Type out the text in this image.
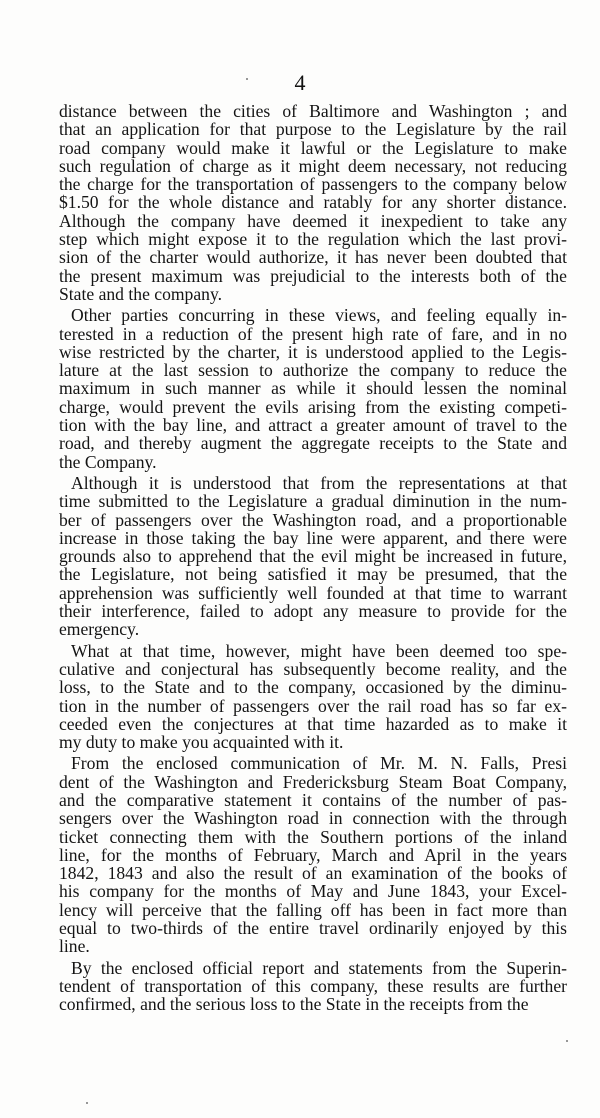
4
distance between the cities of Baltimore and Washington ; and
that an application for that purpose to the Legislature by the rail
road company would make it lawful or the Legislature to make
such regulation of charge as it might deem necessary, not reducing
the charge for the transportation of passengers to the company below
$1.50 for the whole distance and ratably for any shorter distance.
Although the company have deemed it inexpedient to take any
step which might expose it to the regulation which the last provi-
sion of the charter would authorize, it has never been doubted that
the present maximum was prejudicial to the interests both of the
State and the company.
Other parties concurring in these views, and feeling equally in-
terested in a reduction of the present high rate of fare, and in no
wise restricted by the charter, it is understood applied to the Legis-
lature at the last session to authorize the company to reduce the
maximum in such manner as while it should lessen the nominal
charge, would prevent the evils arising from the existing competi-
tion with the bay line, and attract a greater amount of travel to the
road, and thereby augment the aggregate receipts to the State and
the Company.
Although it is understood that from the representations at that
time submitted to the Legislature a gradual diminution in the num-
ber of passengers over the Washington road, and a proportionable
increase in those taking the bay line were apparent, and there were
grounds also to apprehend that the evil might be increased in future,
the Legislature, not being satisfied it may be presumed, that the
apprehension was sufficiently well founded at that time to warrant
their interference, failed to adopt any measure to provide for the
emergency.
What at that time, however, might have been deemed too spe-
culative and conjectural has subsequently become reality, and the
loss, to the State and to the company, occasioned by the diminu-
tion in the number of passengers over the rail road has so far ex-
ceeded even the conjectures at that time hazarded as to make it
my duty to make you acquainted with it.
From the enclosed communication of Mr. M. N. Falls, Presi
dent of the Washington and Fredericksburg Steam Boat Company,
and the comparative statement it contains of the number of pas-
sengers over the Washington road in connection with the through
ticket connecting them with the Southern portions of the inland
line, for the months of February, March and April in the years
1842, 1843 and also the result of an examination of the books of
his company for the months of May and June 1843, your Excel-
lency will perceive that the falling off has been in fact more than
equal to two-thirds of the entire travel ordinarily enjoyed by this
line.
By the enclosed official report and statements from the Superin-
tendent of transportation of this company, these results are further
confirmed, and the serious loss to the State in the receipts from the
